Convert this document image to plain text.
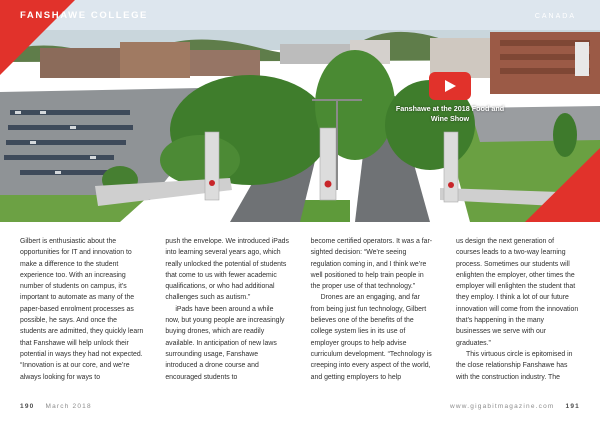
FANSHAWE COLLEGE	CANADA
Fanshawe at the 2018 Food and Wine Show

Gilbert is enthusiastic about the opportunities for IT and innovation to make a difference to the student experience too. With an increasing number of students on campus, it’s important to automate as many of the paper-based enrolment processes as possible, he says. And once the students are admitted, they quickly learn that Fanshawe will help unlock their potential in ways they had not expected. “Innovation is at our core, and we’re always looking for ways to

push the envelope. We introduced iPads into learning several years ago, which really unlocked the potential of students that come to us with fewer academic qualifications, or who had additional challenges such as autism.”

iPads have been around a while now, but young people are increasingly buying drones, which are readily available. In anticipation of new laws surrounding usage, Fanshawe introduced a drone course and encouraged students to

become certified operators. It was a far-sighted decision: “We’re seeing regulation coming in, and I think we’re well positioned to help train people in the proper use of that technology.”

Drones are an engaging, and far from being just fun technology, Gilbert believes one of the benefits of the college system lies in its use of employer groups to help advise curriculum development. “Technology is creeping into every aspect of the world, and getting employers to help

us design the next generation of courses leads to a two-way learning process. Sometimes our students will enlighten the employer, other times the employer will enlighten the student that they employ. I think a lot of our future innovation will come from the innovation that’s happening in the many businesses we serve with our graduates.”

This virtuous circle is epitomised in the close relationship Fanshawe has with the construction industry. The

190 March 2018	www.gigabitmagazine.com 191
